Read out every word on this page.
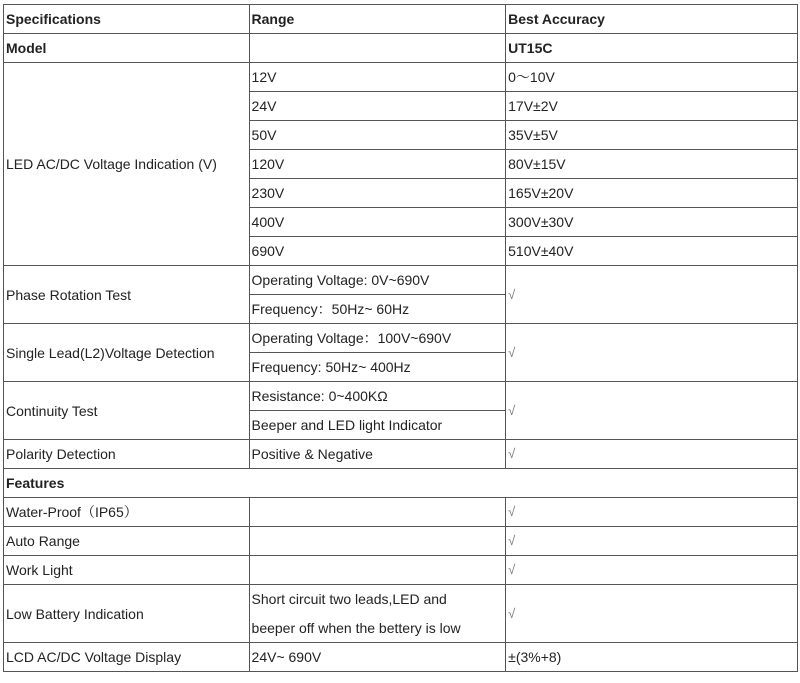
Specifications	Range	Best Accuracy
Model		UT15C
LED AC/DC Voltage Indication (V)	12V	0～10V
	24V	17V±2V
	50V	35V±5V
	120V	80V±15V
	230V	165V±20V
	400V	300V±30V
	690V	510V±40V
Phase Rotation Test	Operating Voltage: 0V~690V	√
	Frequency：50Hz~ 60Hz	
Single Lead(L2)Voltage Detection	Operating Voltage：100V~690V	√
	Frequency: 50Hz~ 400Hz	
Continuity Test	Resistance: 0~400KΩ	√
	Beeper and LED light Indicator	
Polarity Detection	Positive & Negative	√
Features		
Water-Proof（IP65）		√
Auto Range		√
Work Light		√
Low Battery Indication	Short circuit two leads,LED and	√
	beeper off when the bettery is low	
LCD AC/DC Voltage Display	24V~ 690V	±(3%+8)
